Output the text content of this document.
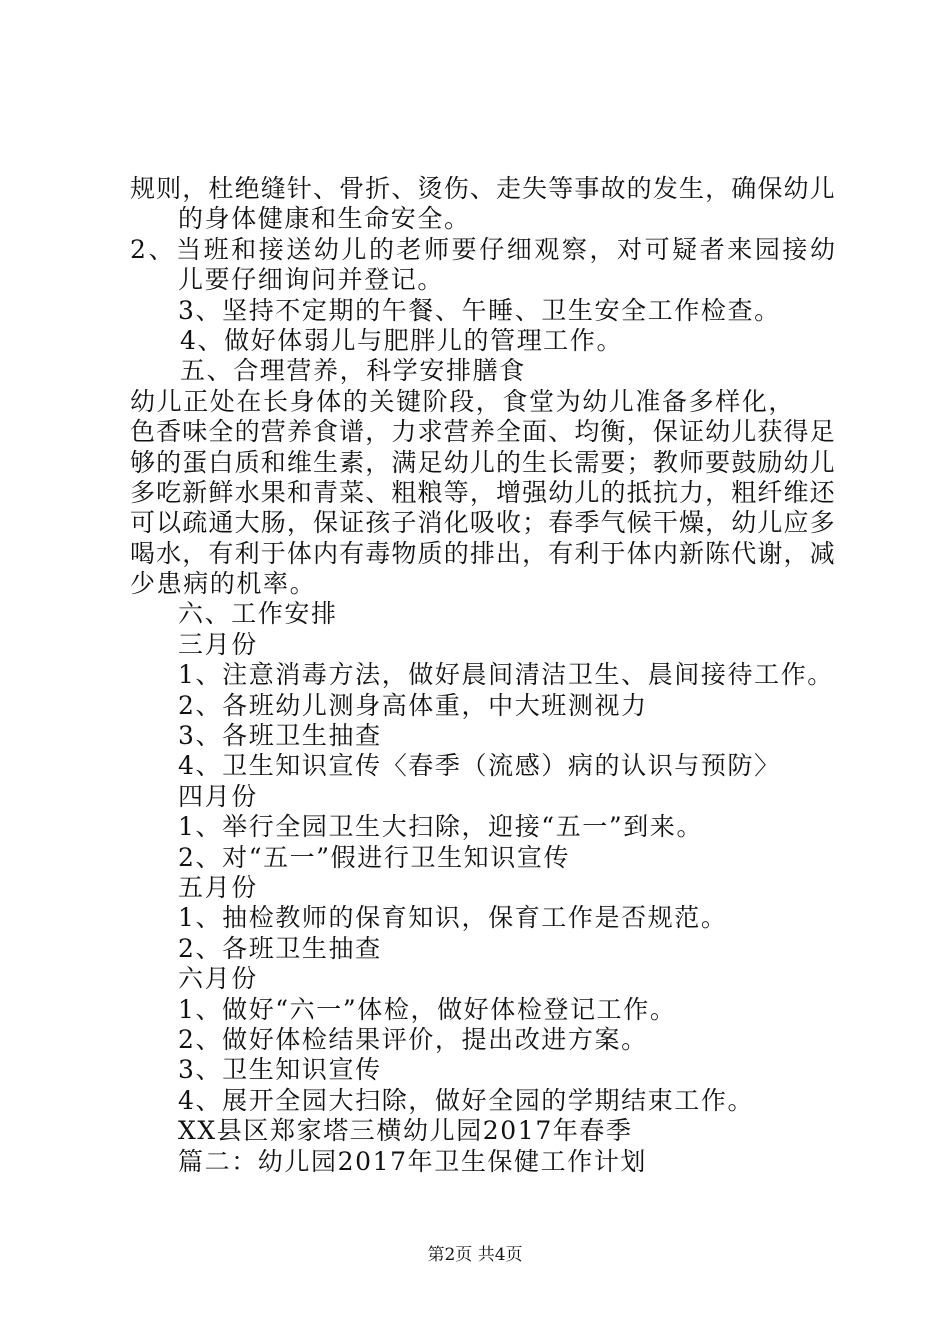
规 则 ， 杜 绝 缝 针 、 骨 折 、 烫 伤 、 走 失 等 事 故 的 发 生 ， 确 保 幼 儿
的身体健康和生命安全。
2 、 当 班 和 接 送 幼 儿 的 老 师 要 仔 细 观 察 ， 对 可 疑 者 来 园 接 幼
儿要仔细询问并登记。
3、坚持不定期的午餐、午睡、卫生安全工作检查。
4、做好体弱儿与肥胖儿的管理工作。
五、合理营养，科学安排膳食
幼儿正处在长身体的关键阶段，食堂为幼儿准备多样化，
色 香 味 全 的 营 养 食 谱 ， 力 求 营 养 全 面 、 均 衡 ， 保 证 幼 儿 获 得 足
够 的 蛋 白 质 和 维 生 素 ， 满 足 幼 儿 的 生 长 需 要 ； 教 师 要 鼓 励 幼 儿
多 吃 新 鲜 水 果 和 青 菜 、 粗 粮 等 ， 增 强 幼 儿 的 抵 抗 力 ， 粗 纤 维 还
可 以 疏 通 大 肠 ， 保 证 孩 子 消 化 吸 收 ； 春 季 气 候 干 燥 ， 幼 儿 应 多
喝 水 ， 有 利 于 体 内 有 毒 物 质 的 排 出 ， 有 利 于 体 内 新 陈 代 谢 ， 减
少患病的机率。
六、工作安排
三月份
1、注意消毒方法，做好晨间清洁卫生、晨间接待工作。
2、各班幼儿测身高体重，中大班测视力
3、各班卫生抽查
4、卫生知识宣传〈春季（流感）病的认识与预防〉
四月份
1、举行全园卫生大扫除，迎接“五一”到来。
2、对“五一”假进行卫生知识宣传
五月份
1、抽检教师的保育知识，保育工作是否规范。
2、各班卫生抽查
六月份
1、做好“六一”体检，做好体检登记工作。
2、做好体检结果评价，提出改进方案。
3、卫生知识宣传
4、展开全园大扫除，做好全园的学期结束工作。
XX县区郑家塔三横幼儿园2017年春季
篇二：幼儿园2017年卫生保健工作计划
第2页 共4页
